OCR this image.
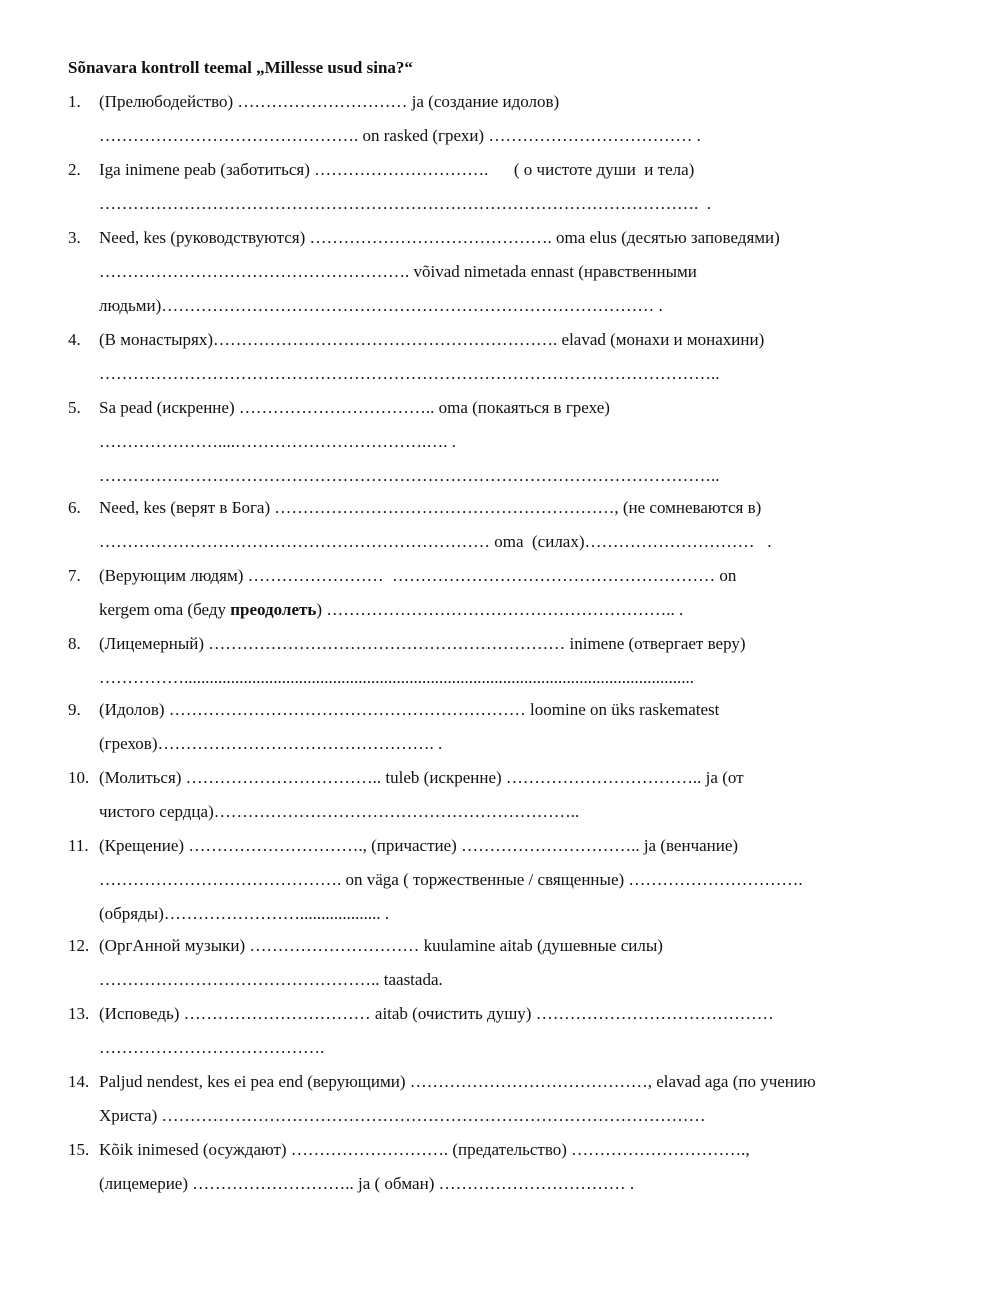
Sõnavara kontroll teemal „Millesse usud sina?“
1. (Прелюбодейство) ………………………… ja (создание идолов)
………………………………………. on rasked (грехи) ……………………………… .
2. Iga inimene peab (заботиться) ………………………….      ( о чистоте души  и тела)
…………………………………………………………………………………………….  .
3. Need, kes (руководствуются) ……………………………………. oma elus (десятью заповедями)
………………………………………………. võivad nimetada ennast (нравственными
людьми)…………………………………………………………………………… .
4. (В монастырях)……………………………………………………. elavad (монахи и монахини)
………………………………………………………………………………………………..
5. Sa pead (искренне) …………………………….. oma (покаяться в грехе)
…………………....…………………………….…. .
………………………………………………………………………………………………..
6. Need, kes (верят в Бога) ……………………………………………………, (не сомневаются в)
…………………………………………………………… oma  (силах)…………………………   .
7. (Верующим людям) ……………………  ………………………………………………… on
kergem oma (беду преодолеть) …………………………………………………….. .
8. (Лицемерный) ……………………………………………………… inimene (отвергает веру)
……………........................................................................................................................
9. (Идолов) ……………………………………………………… loomine on üks raskematest
(грехов)…………………………………………. .
10. (Молиться) …………………………….. tuleb (искренне) …………………………….. ja (от
чистого сердца)………………………………………………………..
11. (Крещение) …………………………., (причастие) ………………………….. ja (венчание)
……………………………………. on väga ( торжественные / священные) ………………………….
(обряды)……………………................... .
12. (ОргАнной музыки) ………………………… kuulamine aitab (душевные силы)
………………………………………….. taastada.
13. (Исповедь) …………………………… aitab (очистить душу) ……………………………………
………………………………….
14. Paljud nendest, kes ei pea end (верующими) ……………………………………, elavad aga (по учению
Христа) ……………………………………………………………………………………
15. Kõik inimesed (осуждают) ………………………. (предательство) ………………………….,
(лицемерие) ……………………….. ja ( обман) …………………………… .
